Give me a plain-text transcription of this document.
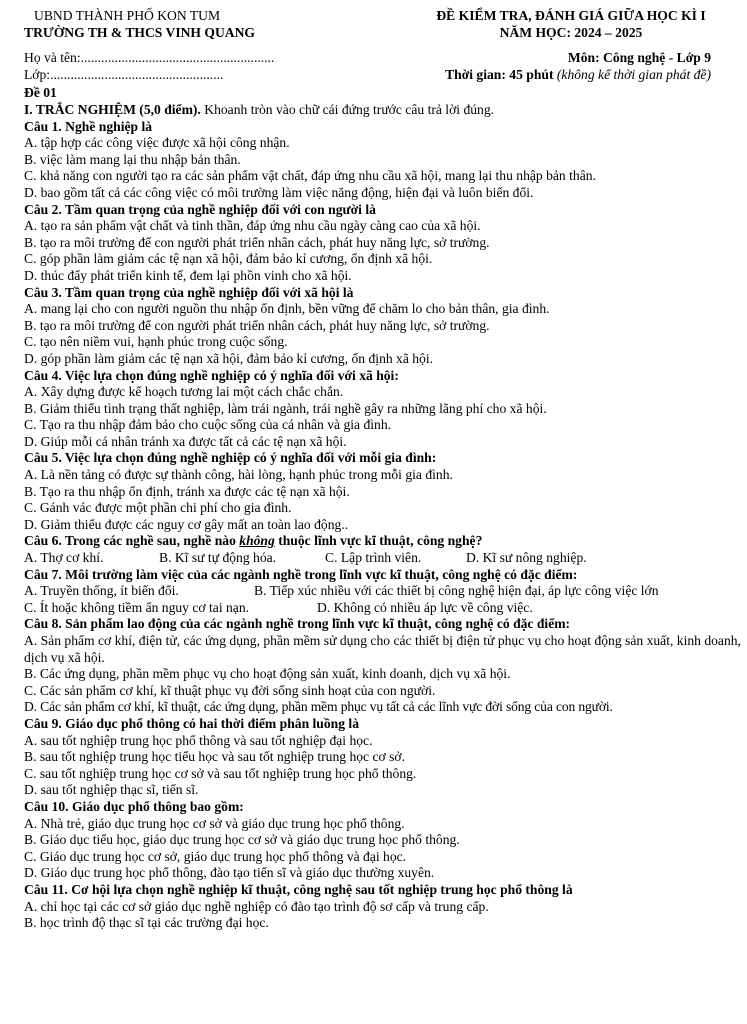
UBND THÀNH PHỐ KON TUM
TRƯỜNG TH & THCS VINH QUANG
ĐỀ KIỂM TRA, ĐÁNH GIÁ GIỮA HỌC KÌ I
NĂM HỌC: 2024 – 2025
Họ và tên:.........................................................
Lớp:...................................................
Môn: Công nghệ - Lớp 9
Thời gian: 45 phút (không kể thời gian phát đề)
Đề 01
I. TRẮC NGHIỆM (5,0 điểm). Khoanh tròn vào chữ cái đứng trước câu trả lời đúng.

Câu 1. Nghề nghiệp là

A. tập hợp các công việc được xã hội công nhận.

B. việc làm mang lại thu nhập bản thân.

C. khả năng con người tạo ra các sản phẩm vật chất, đáp ứng nhu cầu xã hội, mang lại thu nhập bản thân.

D. bao gồm tất cả các công việc có môi trường làm việc năng động, hiện đại và luôn biến đổi.

Câu 2. Tầm quan trọng của nghề nghiệp đối với con người là

A. tạo ra sản phẩm vật chất và tinh thần, đáp ứng nhu cầu ngày càng cao của xã hội.

B. tạo ra môi trường để con người phát triển nhân cách, phát huy năng lực, sở trường.

C. góp phần làm giảm các tệ nạn xã hội, đảm bảo kỉ cương, ổn định xã hội.

D. thúc đẩy phát triển kinh tế, đem lại phồn vinh cho xã hội.

Câu 3. Tầm quan trọng của nghề nghiệp đối với xã hội là

A. mang lại cho con người nguồn thu nhập ổn định, bền vững để chăm lo cho bản thân, gia đình.

B. tạo ra môi trường để con người phát triển nhân cách, phát huy năng lực, sở trường.

C. tạo nên niềm vui, hạnh phúc trong cuộc sống.

D. góp phần làm giảm các tệ nạn xã hội, đảm bảo kỉ cương, ổn định xã hội.

Câu 4. Việc lựa chọn đúng nghề nghiệp có ý nghĩa đối với xã hội:

A. Xây dựng được kế hoạch tương lai một cách chắc chắn.

B. Giảm thiểu tình trạng thất nghiệp, làm trái ngành, trái nghề gây ra những lãng phí cho xã hội.

C. Tạo ra thu nhập đảm bảo cho cuộc sống của cá nhân và gia đình.

D. Giúp mỗi cá nhân tránh xa được tất cả các tệ nạn xã hội.

Câu 5. Việc lựa chọn đúng nghề nghiệp có ý nghĩa đối với mỗi gia đình:

A. Là nền tảng có được sự thành công, hài lòng, hạnh phúc trong mỗi gia đình.

B. Tạo ra thu nhập ổn định, tránh xa được các tệ nạn xã hội.

C. Gánh vác được một phần chi phí cho gia đình.

D. Giảm thiểu được các nguy cơ gây mất an toàn lao động..

Câu 6. Trong các nghề sau, nghề nào không thuộc lĩnh vực kĩ thuật, công nghệ?

A. Thợ cơ khí.	B. Kĩ sư tự động hóa.	C. Lập trình viên.	D. Kĩ sư nông nghiệp.

Câu 7. Môi trường làm việc của các ngành nghề trong lĩnh vực kĩ thuật, công nghệ có đặc điểm:

A. Truyền thống, ít biến đổi.	B. Tiếp xúc nhiều với các thiết bị công nghệ hiện đại, áp lực công việc lớn
C. Ít hoặc không tiềm ẩn nguy cơ tai nạn.	D. Không có nhiều áp lực về công việc.

Câu 8. Sản phẩm lao động của các ngành nghề trong lĩnh vực kĩ thuật, công nghệ có đặc điểm:

A. Sản phẩm cơ khí, điện tử, các ứng dụng, phần mềm sử dụng cho các thiết bị điện tử phục vụ cho hoạt động sản xuất, kinh doanh, dịch vụ xã hội.

B. Các ứng dụng, phần mềm phục vụ cho hoạt động sản xuất, kinh doanh, dịch vụ xã hội.

C. Các sản phẩm cơ khí, kĩ thuật phục vụ đời sống sinh hoạt của con người.

D. Các sản phẩm cơ khí, kĩ thuật, các ứng dụng, phần mềm phục vụ tất cả các lĩnh vực đời sống của con người.

Câu 9. Giáo dục phổ thông có hai thời điểm phân luồng là

A. sau tốt nghiệp trung học phổ thông và sau tốt nghiệp đại học.

B. sau tốt nghiệp trung học tiểu học và sau tốt nghiệp trung học cơ sở.

C. sau tốt nghiệp trung học cơ sở và sau tốt nghiệp trung học phổ thông.

D. sau tốt nghiệp thạc sĩ, tiến sĩ.

Câu 10. Giáo dục phổ thông bao gồm:

A. Nhà trẻ, giáo dục trung học cơ sở và giáo dục trung học phổ thông.

B. Giáo dục tiểu học, giáo dục trung học cơ sở và giáo dục trung học phổ thông.

C. Giáo dục trung học cơ sở, giáo dục trung học phổ thông và đại học.

D. Giáo dục trung học phổ thông, đào tạo tiến sĩ và giáo dục thường xuyên.

Câu 11. Cơ hội lựa chọn nghề nghiệp kĩ thuật, công nghệ sau tốt nghiệp trung học phổ thông là

A. chỉ học tại các cơ sở giáo dục nghề nghiệp có đào tạo trình độ sơ cấp và trung cấp.

B. học trình độ thạc sĩ tại các trường đại học.
